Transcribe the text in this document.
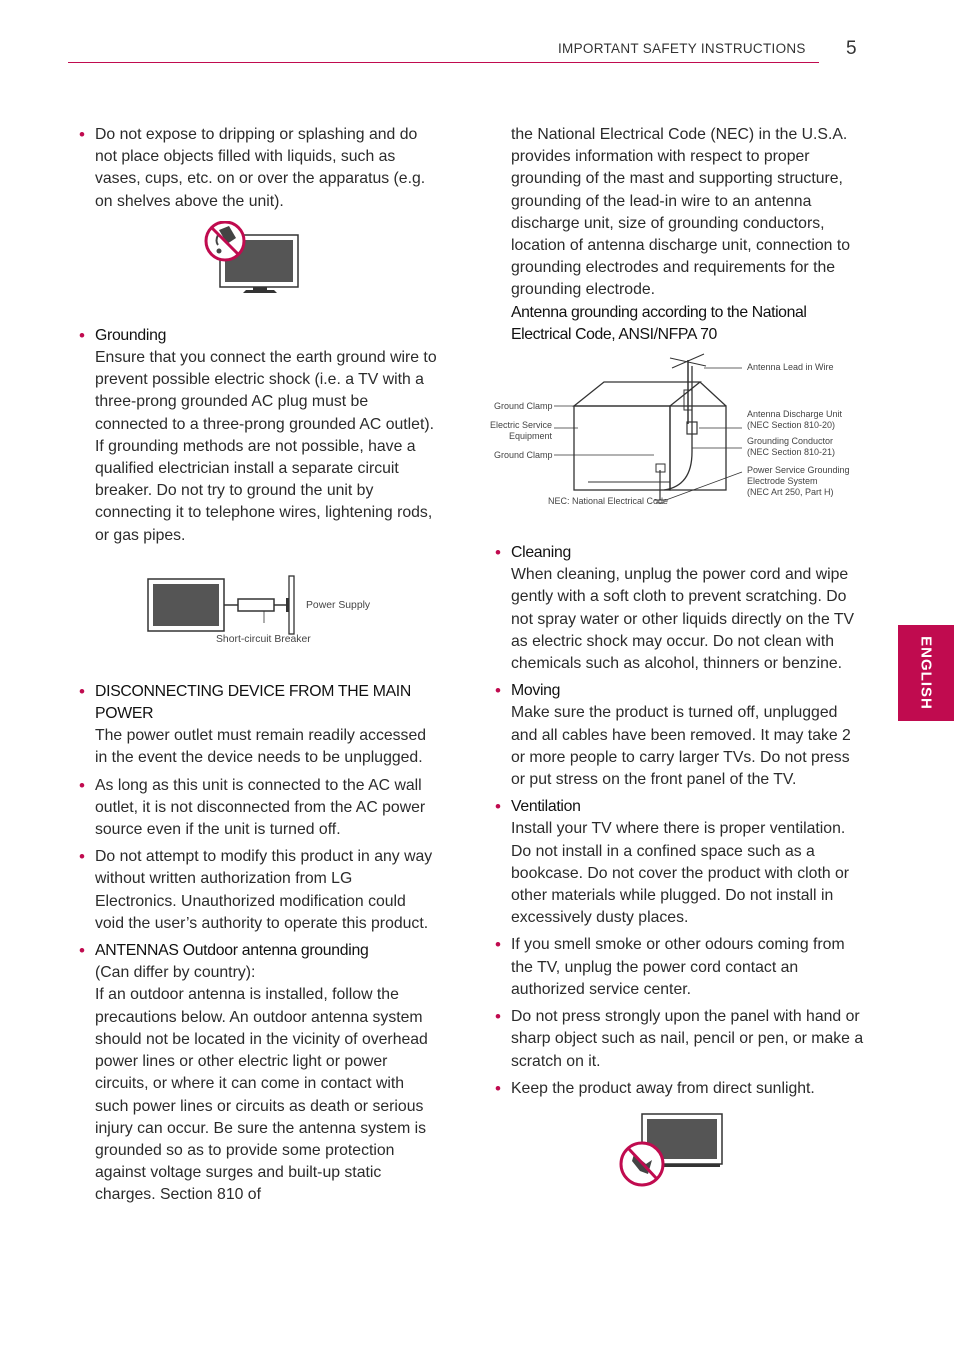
IMPORTANT SAFETY INSTRUCTIONS 5
ENGLISH

• Do not expose to dripping or splashing and do not place objects filled with liquids, such as vases, cups, etc. on or over the apparatus (e.g. on shelves above the unit).

• Grounding

Ensure that you connect the earth ground wire to prevent possible electric shock (i.e. a TV with a three-prong grounded AC plug must be connected to a three-prong grounded AC outlet). If grounding methods are not possible, have a qualified electrician install a separate circuit breaker. Do not try to ground the unit by connecting it to telephone wires, lightening rods, or gas pipes.

Power Supply
Short-circuit Breaker
• DISCONNECTING DEVICE FROM THE MAIN POWER

The power outlet must remain readily accessed in the event the device needs to be unplugged.

• As long as this unit is connected to the AC wall outlet, it is not disconnected from the AC power source even if the unit is turned off.

• Do not attempt to modify this product in any way without written authorization from LG Electronics. Unauthorized modification could void the user’s authority to operate this product.

• ANTENNAS Outdoor antenna grounding

(Can differ by country):

If an outdoor antenna is installed, follow the precautions below. An outdoor antenna system should not be located in the vicinity of overhead power lines or other electric light or power circuits, or where it can come in contact with such power lines or circuits as death or serious injury can occur. Be sure the antenna system is grounded so as to provide some protection against voltage surges and built-up static charges. Section 810 of

the National Electrical Code (NEC) in the U.S.A. provides information with respect to proper grounding of the mast and supporting structure, grounding of the lead-in wire to an antenna discharge unit, size of grounding conductors, location of antenna discharge unit, connection to grounding electrodes and requirements for the grounding electrode.

Antenna grounding according to the National Electrical Code, ANSI/NFPA 70
Ground Clamp
Electric Service
Equipment
Ground Clamp
Antenna Lead in Wire
Antenna Discharge Unit
(NEC Section 810-20)
Grounding Conductor
(NEC Section 810-21)
Power Service Grounding
Electrode System
(NEC Art 250, Part H)
NEC: National Electrical Code
• Cleaning

When cleaning, unplug the power cord and wipe gently with a soft cloth to prevent scratching. Do not spray water or other liquids directly on the TV as electric shock may occur. Do not clean with chemicals such as alcohol, thinners or benzine.

• Moving

Make sure the product is turned off, unplugged and all cables have been removed. It may take 2 or more people to carry larger TVs. Do not press or put stress on the front panel of the TV.

• Ventilation

Install your TV where there is proper ventilation. Do not install in a confined space such as a bookcase. Do not cover the product with cloth or other materials while plugged. Do not install in excessively dusty places.

• If you smell smoke or other odours coming from the TV, unplug the power cord contact an authorized service center.

• Do not press strongly upon the panel with hand or sharp object such as nail, pencil or pen, or make a scratch on it.

• Keep the product away from direct sunlight.
